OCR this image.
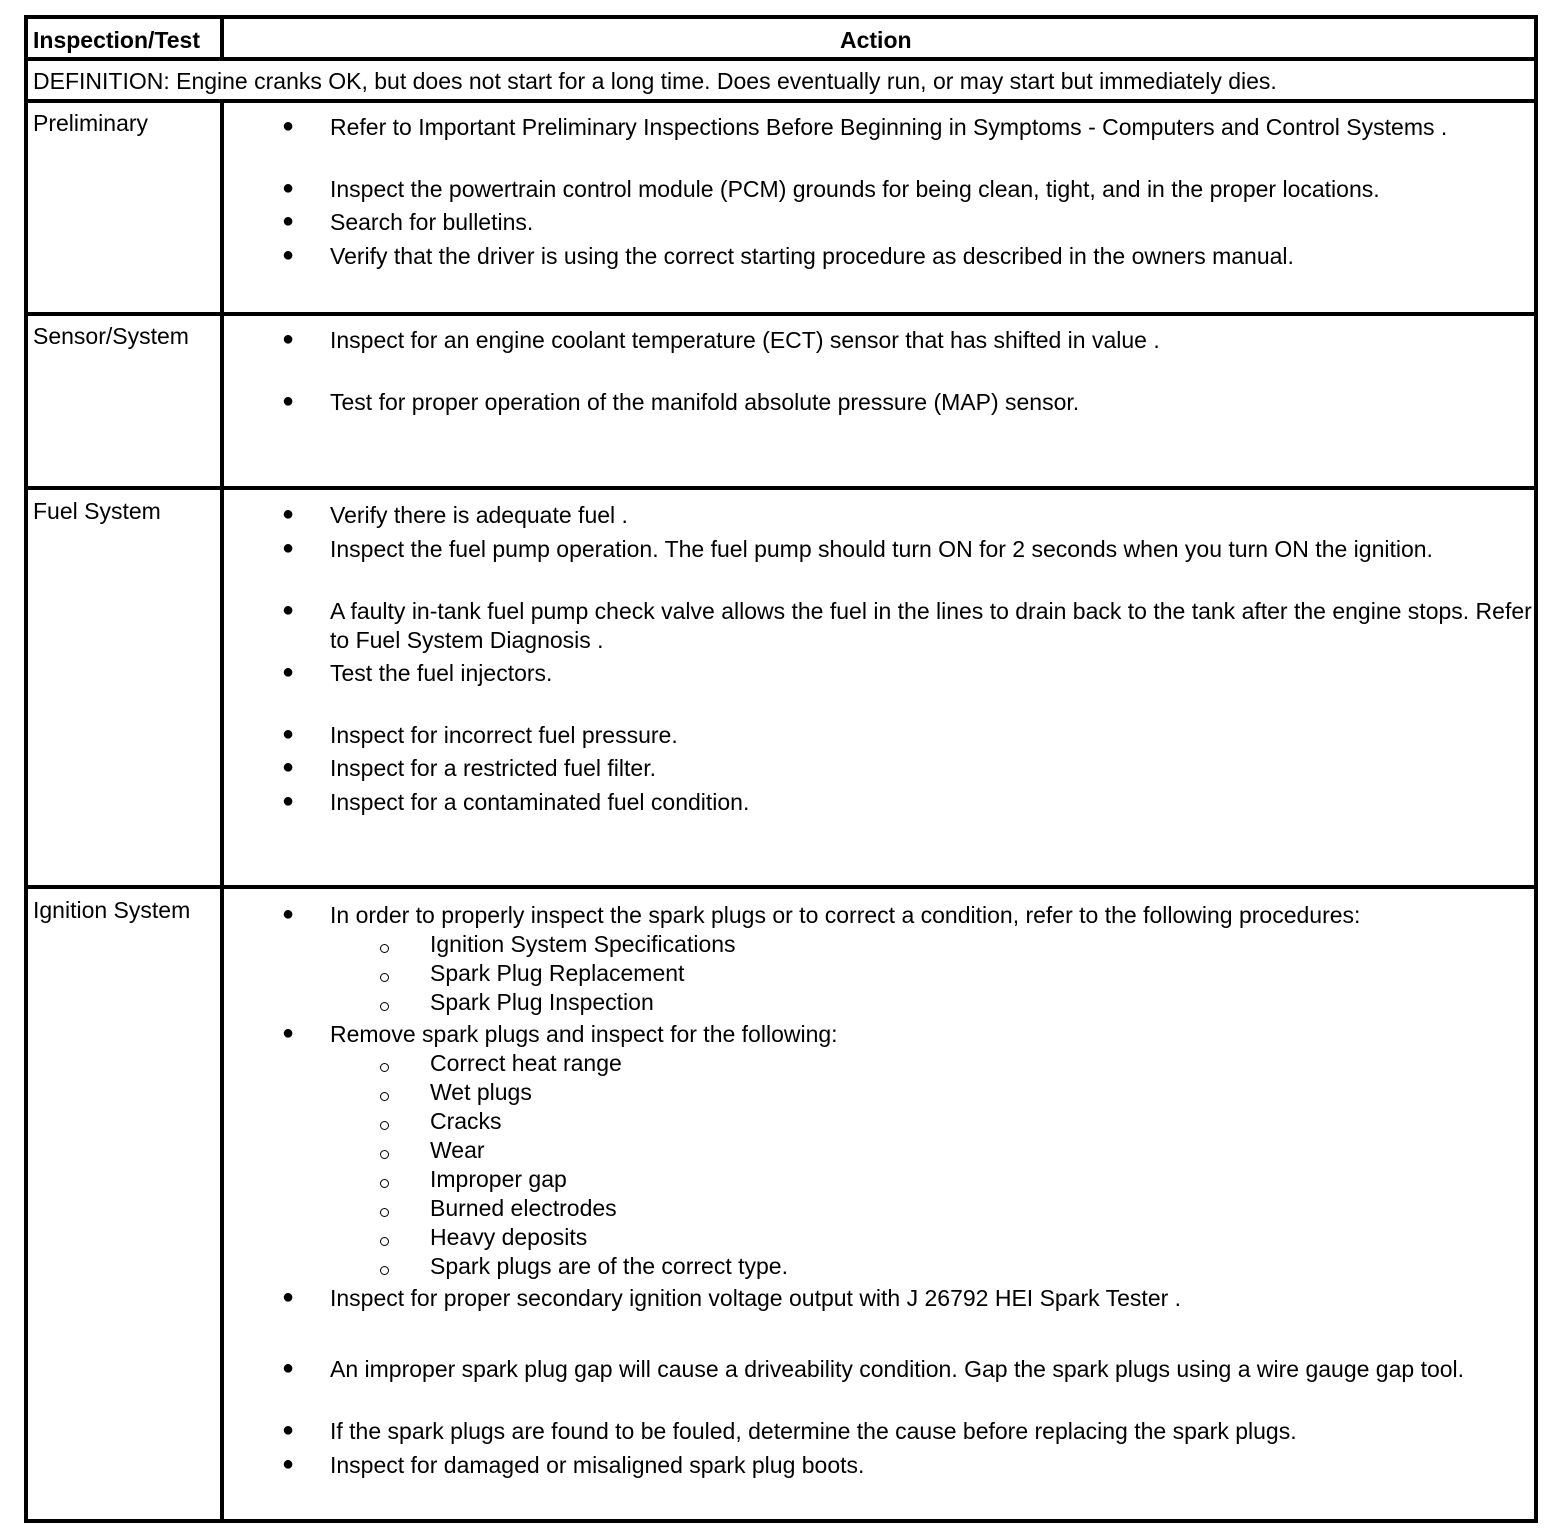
Inspection/Test	Action
DEFINITION: Engine cranks OK, but does not start for a long time. Does eventually run, or may start but immediately dies.
Preliminary	● Refer to Important Preliminary Inspections Before Beginning in Symptoms - Computers and Control Systems .
● Inspect the powertrain control module (PCM) grounds for being clean, tight, and in the proper locations.
● Search for bulletins.
● Verify that the driver is using the correct starting procedure as described in the owners manual.
Sensor/System	● Inspect for an engine coolant temperature (ECT) sensor that has shifted in value .
● Test for proper operation of the manifold absolute pressure (MAP) sensor.
Fuel System	● Verify there is adequate fuel .
● Inspect the fuel pump operation. The fuel pump should turn ON for 2 seconds when you turn ON the ignition.
● A faulty in-tank fuel pump check valve allows the fuel in the lines to drain back to the tank after the engine stops. Refer to Fuel System Diagnosis .
● Test the fuel injectors.
● Inspect for incorrect fuel pressure.
● Inspect for a restricted fuel filter.
● Inspect for a contaminated fuel condition.
Ignition System	● In order to properly inspect the spark plugs or to correct a condition, refer to the following procedures:
Ignition System Specifications
Spark Plug Replacement
Spark Plug Inspection
● Remove spark plugs and inspect for the following:
Correct heat range
Wet plugs
Cracks
Wear
Improper gap
Burned electrodes
Heavy deposits
Spark plugs are of the correct type.
● Inspect for proper secondary ignition voltage output with J 26792 HEI Spark Tester .
● An improper spark plug gap will cause a driveability condition. Gap the spark plugs using a wire gauge gap tool.
● If the spark plugs are found to be fouled, determine the cause before replacing the spark plugs.
● Inspect for damaged or misaligned spark plug boots.
